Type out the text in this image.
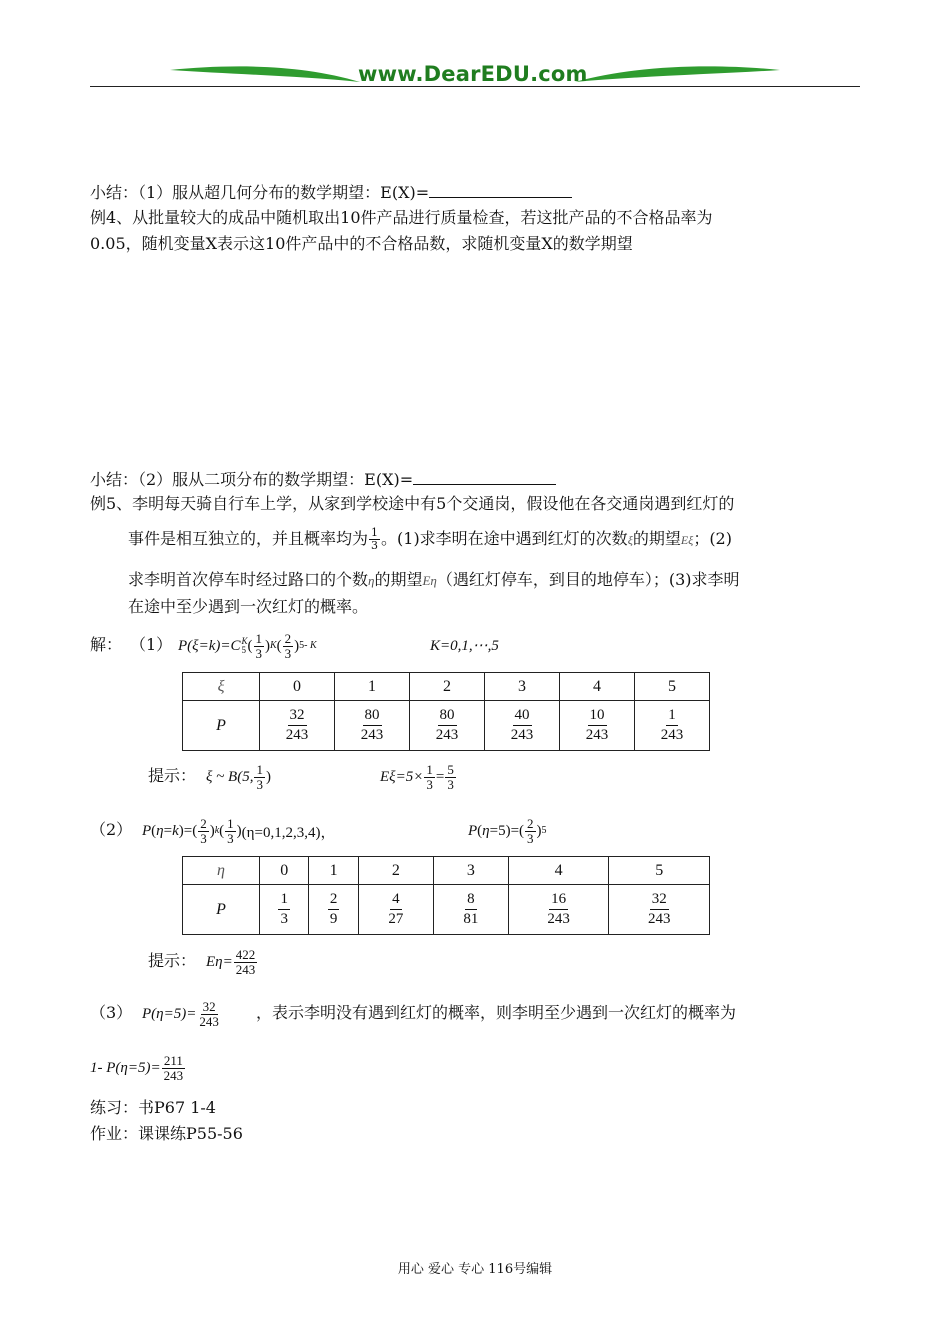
www.DearEDU.com
小结：（1）服从超几何分布的数学期望：E(X)=
例4、从批量较大的成品中随机取出10件产品进行质量检查，若这批产品的不合格品率为
0.05，随机变量X表示这10件产品中的不合格品数，求随机变量X的数学期望
小结：（2）服从二项分布的数学期望：E(X)=
例5、李明每天骑自行车上学，从家到学校途中有5个交通岗，假设他在各交通岗遇到红灯的
事件是相互独立的，并且概率均为 $\frac{1}{3}$ 。(1)求李明在途中遇到红灯的次数ξ的期望Eξ；(2)
求李明首次停车时经过路口的个数η的期望Eη（遇红灯停车，到目的地停车）；(3)求李明
在途中至少遇到一次红灯的概率。
解： （1） P(ξ=k)=C K
5 ( $\frac{1}{3}$ ) K ( $\frac{2}{3}$ ) 5- K	K=0,1,⋯,5
ξ	0	1	2	3	4	5
P	$\frac{32}{243}$	$\frac{80}{243}$	$\frac{80}{243}$	$\frac{40}{243}$	$\frac{10}{243}$	$\frac{1}{243}$
提示： ξ ~ B(5, $\frac{1}{3}$ )	$E\xi=5\times \frac{1}{3} = \frac{5}{3}$
（2） P ( η = k )=( $\frac{2}{3}$ ) k ( $\frac{1}{3}$ ) (η=0,1,2,3,4)，	P ( $\eta =5)=( \frac{2}{3}$ ) 5
η	0	1	2	3	4	5
P	$\frac{1}{3}$	$\frac{2}{9}$	$\frac{4}{27}$	$\frac{8}{81}$	$\frac{16}{243}$	$\frac{32}{243}$
提示： $E\eta= \frac{422}{243}$
（3） $P(\eta=5)= \frac{32}{243}$ ，表示李明没有遇到红灯的概率，则李明至少遇到一次红灯的概率为
1- $P(\eta=5)= \frac{211}{243}$
练习：书P67 1-4
作业：课课练P55-56
用心 爱心 专心 116号编辑
